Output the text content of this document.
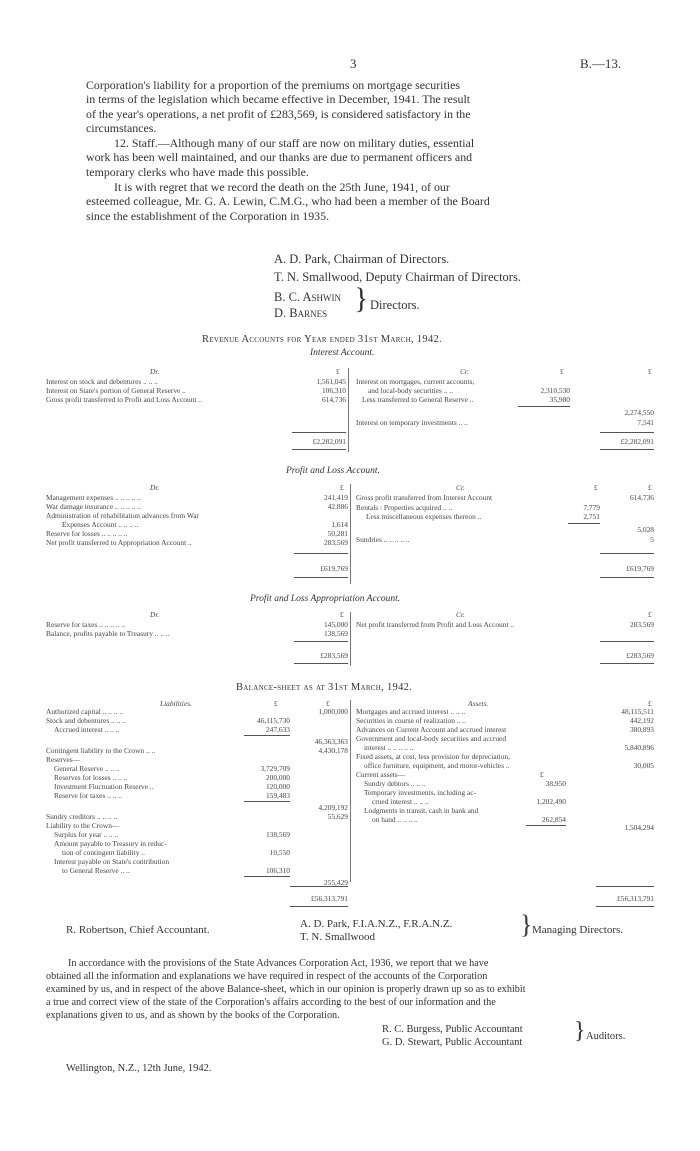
3	B.—13.
Corporation's liability for a proportion of the premiums on mortgage securities
in terms of the legislation which became effective in December, 1941. The result
of the year's operations, a net profit of £283,569, is considered satisfactory in the
circumstances.
12. Staff.—Although many of our staff are now on military duties, essential
work has been well maintained, and our thanks are due to permanent officers and
temporary clerks who have made this possible.
It is with regret that we record the death on the 25th June, 1941, of our
esteemed colleague, Mr. G. A. Lewin, C.M.G., who had been a member of the Board
since the establishment of the Corporation in 1935.
A. D. Park, Chairman of Directors.
T. N. Smallwood, Deputy Chairman of Directors.
B. C. Ashwin
D. Barnes } Directors.
Revenue Accounts for Year ended 31st March, 1942.
Interest Account.
Dr.	Cr.
£	£	£
Interest on stock and debentures .. .. ..	1,561,045
Interest on State's portion of General Reserve ..	106,310
Gross profit transferred to Profit and Loss Account ..	614,736
Interest on mortgages, current accounts,
and local-body securities .. ..	2,310,530
Less transferred to General Reserve ..	35,980
2,274,550
Interest on temporary investments .. ..	7,541
£2,282,091	£2,282,091
Profit and Loss Account.
Dr.	Cr.
£	£	£
Management expenses .. .. .. .. ..	241,419
War damage insurance .. .. .. .. ..	42,886
Administration of rehabilitation advances from War
Expenses Account .. .. .. ..	1,614
Reserve for losses .. .. .. .. ..	50,281
Net profit transferred to Appropriation Account ..	283,569
Gross profit transferred from Interest Account	614,736
Rentals : Properties acquired .. ..	7,779
Less miscellaneous expenses thereon ..	2,751
5,028
Sundries .. .. .. .. ..	5
£619,769	£619,769
Profit and Loss Appropriation Account.
Dr.	Cr.
£	£
Reserve for taxes .. .. .. .. ..	145,000
Balance, profits payable to Treasury .. .. ..	138,569
Net profit transferred from Profit and Loss Account ..	283,569
£283,569	£283,569
Balance-sheet as at 31st March, 1942.
Liabilities.	Assets.
£	£	£
Authorized capital .. .. .. ..	1,000,000
Stock and debentures .. .. ..	46,115,730
Accrued interest .. .. ..	247,633
46,363,363
Contingent liability to the Crown .. ..	4,430,178
Reserves—
General Reserve .. .. ..	3,729,709
Reserves for losses .. .. ..	200,000
Investment Fluctuation Reserve ..	120,000
Reserve for taxes .. .. ..	159,483
4,209,192
Sundry creditors .. .. .. ..	55,629
Liability to the Crown—
Surplus for year .. .. ..	138,569
Amount payable to Treasury in reduc-
tion of contingent liability ..	10,550
Interest payable on State's contribution
to General Reserve .. ..	106,310
255,429
Mortgages and accrued interest .. .. ..	48,115,511
Securities in course of realization .. ..	442,192
Advances on Current Account and accrued interest	380,893
Government and local-body securities and accrued
interest .. .. .. .. ..	5,840,896
Fixed assets, at cost, less provision for depreciation,
office furniture, equipment, and motor-vehicles ..	30,005
Current assets—	£
Sundry debtors .. .. ..	38,950
Temporary investments, including ac-
crued interest .. .. ..	1,202,490
Lodgments in transit, cash in bank and
on hand .. .. .. ..	262,854
1,504,294
£56,313,791	£56,313,791
R. Robertson, Chief Accountant.	A. D. Park, F.I.A.N.Z., F.R.A.N.Z.
T. N. Smallwood	} Managing Directors.
In accordance with the provisions of the State Advances Corporation Act, 1936, we report that we have
obtained all the information and explanations we have required in respect of the accounts of the Corporation
examined by us, and in respect of the above Balance-sheet, which in our opinion is properly drawn up so as to exhibit
a true and correct view of the state of the Corporation's affairs according to the best of our information and the
explanations given to us, and as shown by the books of the Corporation.
R. C. Burgess, Public Accountant
G. D. Stewart, Public Accountant } Auditors.
Wellington, N.Z., 12th June, 1942.
